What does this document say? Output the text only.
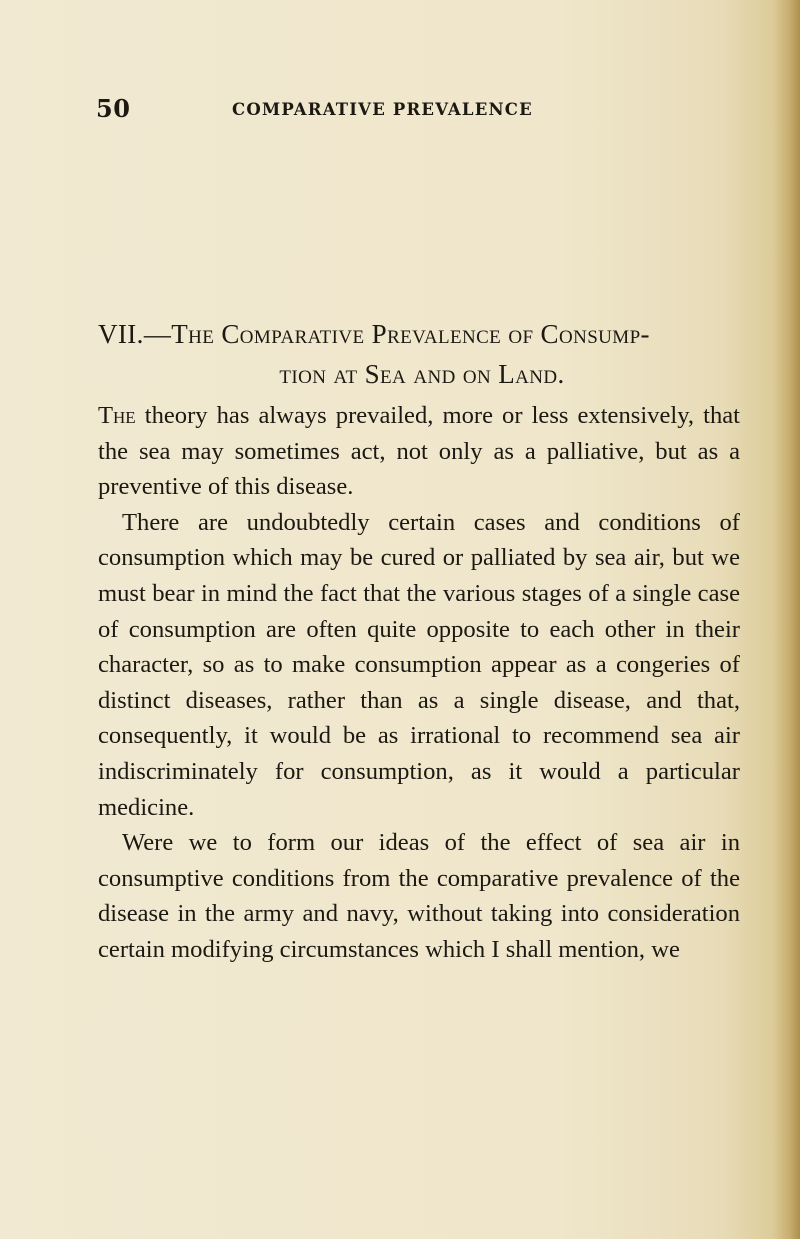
50	COMPARATIVE PREVALENCE
VII.—The Comparative Prevalence of Consump-
tion at Sea and on Land.

The theory has always prevailed, more or less extensively, that the sea may sometimes act, not only as a palliative, but as a preventive of this disease.

There are undoubtedly certain cases and conditions of consumption which may be cured or palliated by sea air, but we must bear in mind the fact that the various stages of a single case of consumption are often quite opposite to each other in their character, so as to make consumption appear as a congeries of distinct diseases, rather than as a single disease, and that, consequently, it would be as irrational to recommend sea air indiscriminately for consumption, as it would a particular medicine.

Were we to form our ideas of the effect of sea air in consumptive conditions from the comparative prevalence of the disease in the army and navy, without taking into consideration certain modifying circumstances which I shall mention, we
